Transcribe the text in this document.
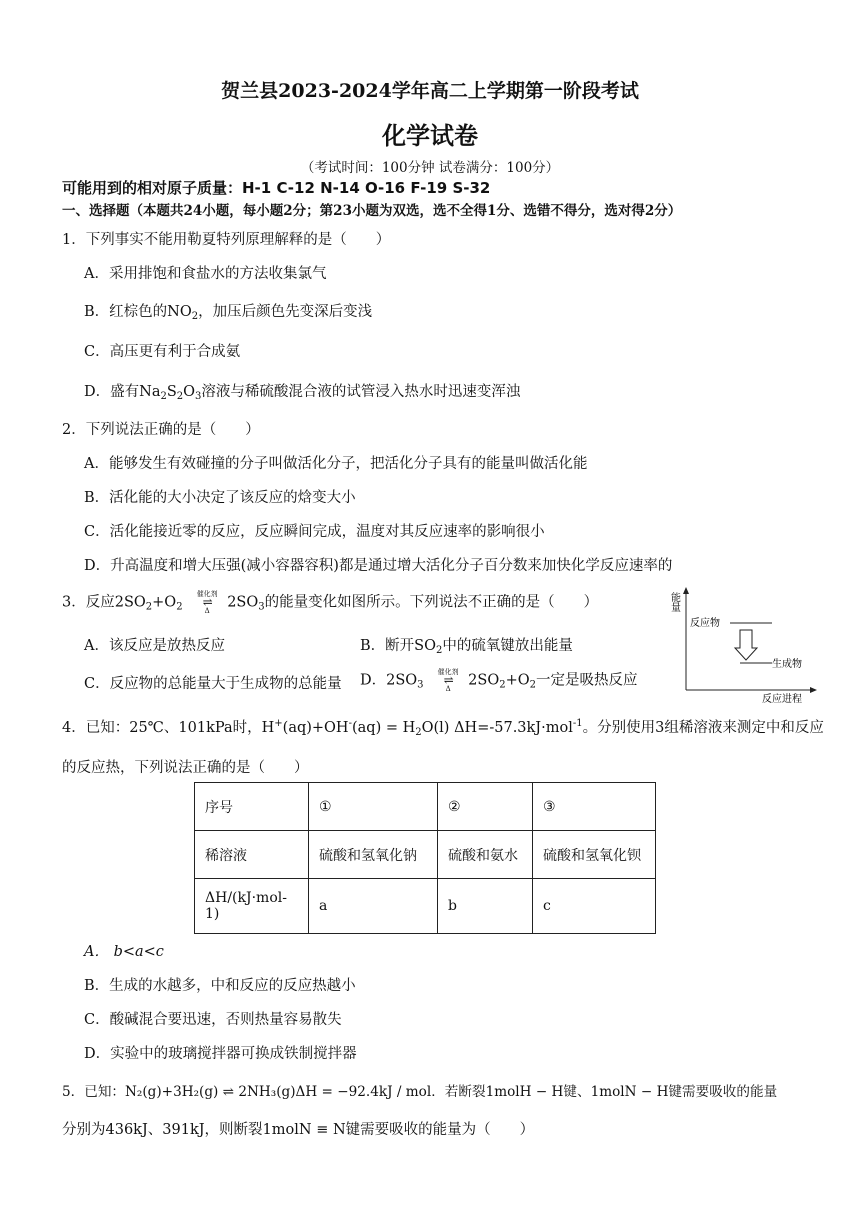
贺兰县2023-2024学年高二上学期第一阶段考试
化学试卷
（考试时间：100分钟 试卷满分：100分）
可能用到的相对原子质量：H-1 C-12 N-14 O-16 F-19 S-32
一、选择题（本题共24小题，每小题2分；第23小题为双选，选不全得1分、选错不得分，选对得2分）
1．下列事实不能用勒夏特列原理解释的是（　　）
A．采用排饱和食盐水的方法收集氯气
B．红棕色的$NO_2$，加压后颜色先变深后变浅
C．高压更有利于合成氨
D．盛有$Na_2S_2O_3$溶液与稀硫酸混合液的试管浸入热水时迅速变浑浊
2．下列说法正确的是（　　）
A．能够发生有效碰撞的分子叫做活化分子，把活化分子具有的能量叫做活化能
B．活化能的大小决定了该反应的焓变大小
C．活化能接近零的反应，反应瞬间完成，温度对其反应速率的影响很小
D．升高温度和增大压强(减小容器容积)都是通过增大活化分子百分数来加快化学反应速率的
3．反应$2SO_2+O_2$
催化剂
⇌
Δ
$2SO_3$的能量变化如图所示。下列说法不正确的是（　　）
A．该反应是放热反应	B．断开$SO_2$中的硫氧键放出能量
C．反应物的总能量大于生成物的总能量 D．$2SO_3$
催化剂
⇌
Δ
$2SO_2+O_2$一定是吸热反应
能量
反应物
生成物
反应进程
4．已知：25℃、101kPa时，$H^+(aq)+OH^-(aq) = H_2O(l)$ ΔH=-57.3kJ·mol$^{-1}$。分别使用3组稀溶液来测定中和反应
的反应热，下列说法正确的是（　　）
序号	①	②	③
稀溶液	硫酸和氢氧化钠	硫酸和氨水	硫酸和氢氧化钡
ΔH/(kJ·mol-1)	a	b	c
A． b<a<c
B．生成的水越多，中和反应的反应热越小
C．酸碱混合要迅速，否则热量容易散失
D．实验中的玻璃搅拌器可换成铁制搅拌器
5．已知：N₂(g)+3H₂(g) ⇌ 2NH₃(g)ΔH = −92.4kJ / mol．若断裂1molH − H键、1molN − H键需要吸收的能量
分别为436kJ、391kJ，则断裂1molN ≡ N键需要吸收的能量为（　　）
